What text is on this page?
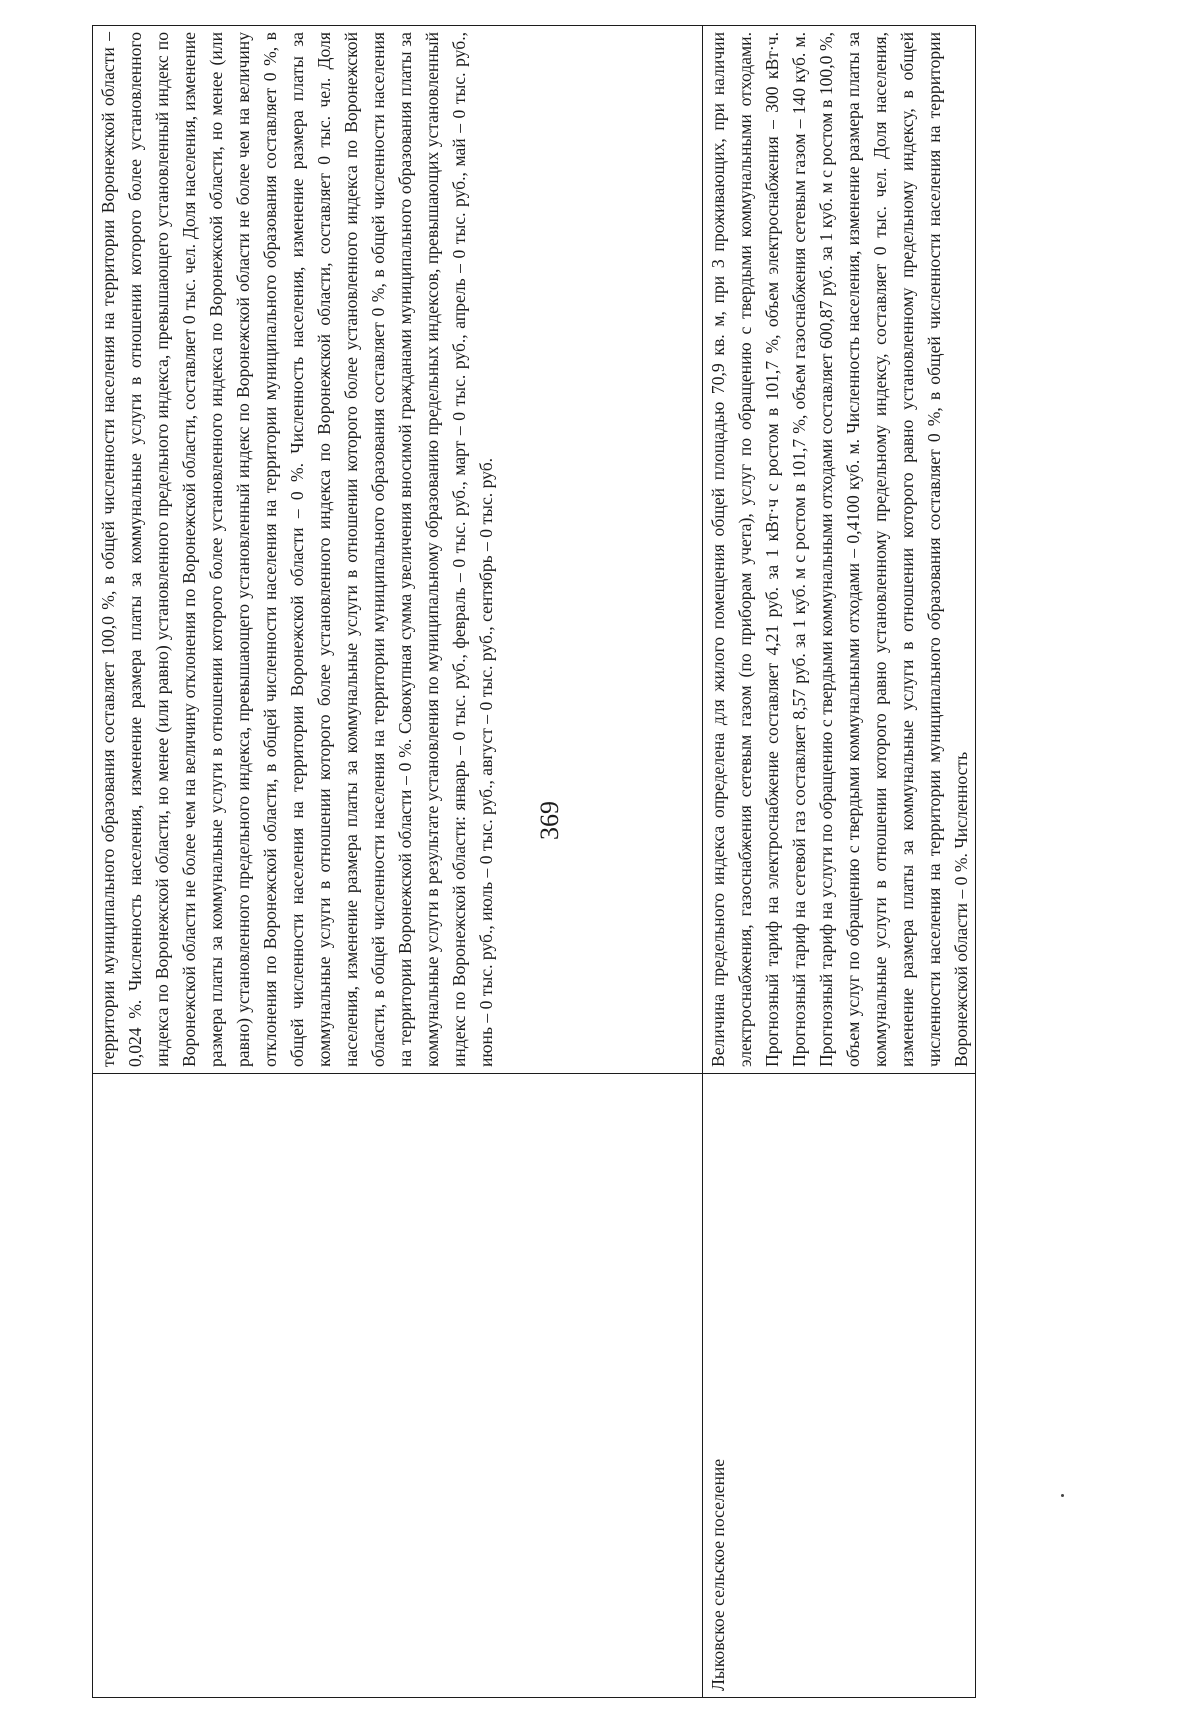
369
	территории муниципального образования составляет 100,0 %, в общей численности населения на территории Воронежской области – 0,024 %. Численность населения, изменение размера платы за коммунальные услуги в отношении которого более установленного индекса по Воронежской области, но менее (или равно) установленного предельного индекса, превышающего установленный индекс по Воронежской области не более чем на величину отклонения по Воронежской области, составляет 0 тыс. чел. Доля населения, изменение размера платы за коммунальные услуги в отношении которого более установленного индекса по Воронежской области, но менее (или равно) установленного предельного индекса, превышающего установленный индекс по Воронежской области не более чем на величину отклонения по Воронежской области, в общей численности населения на территории муниципального образования составляет 0 %, в общей численности населения на территории Воронежской области – 0 %. Численность населения, изменение размера платы за коммунальные услуги в отношении которого более установленного индекса по Воронежской области, составляет 0 тыс. чел. Доля населения, изменение размера платы за коммунальные услуги в отношении которого более установленного индекса по Воронежской области, в общей численности населения на территории муниципального образования составляет 0 %, в общей численности населения на территории Воронежской области – 0 %. Совокупная сумма увеличения вносимой гражданами муниципального образования платы за коммунальные услуги в результате установления по муниципальному образованию предельных индексов, превышающих установленный индекс по Воронежской области: январь – 0 тыс. руб., февраль – 0 тыс. руб., март – 0 тыс. руб., апрель – 0 тыс. руб., май – 0 тыс. руб., июнь – 0 тыс. руб., июль – 0 тыс. руб., август – 0 тыс. руб., сентябрь – 0 тыс. руб.
Лыковское сельское поселение	Величина предельного индекса определена для жилого помещения общей площадью 70,9 кв. м, при 3 проживающих, при наличии электроснабжения, газоснабжения сетевым газом (по приборам учета), услуг по обращению с твердыми коммунальными отходами. Прогнозный тариф на электроснабжение составляет 4,21 руб. за 1 кВт·ч с ростом в 101,7 %, объем электроснабжения – 300 кВт·ч. Прогнозный тариф на сетевой газ составляет 8,57 руб. за 1 куб. м с ростом в 101,7 %, объем газоснабжения сетевым газом – 140 куб. м. Прогнозный тариф на услуги по обращению с твердыми коммунальными отходами составляет 600,87 руб. за 1 куб. м с ростом в 100,0 %, объем услуг по обращению с твердыми коммунальными отходами – 0,4100 куб. м. Численность населения, изменение размера платы за коммунальные услуги в отношении которого равно установленному предельному индексу, составляет 0 тыс. чел. Доля населения, изменение размера платы за коммунальные услуги в отношении которого равно установленному предельному индексу, в общей численности населения на территории муниципального образования составляет 0 %, в общей численности населения на территории Воронежской области – 0 %. Численность
